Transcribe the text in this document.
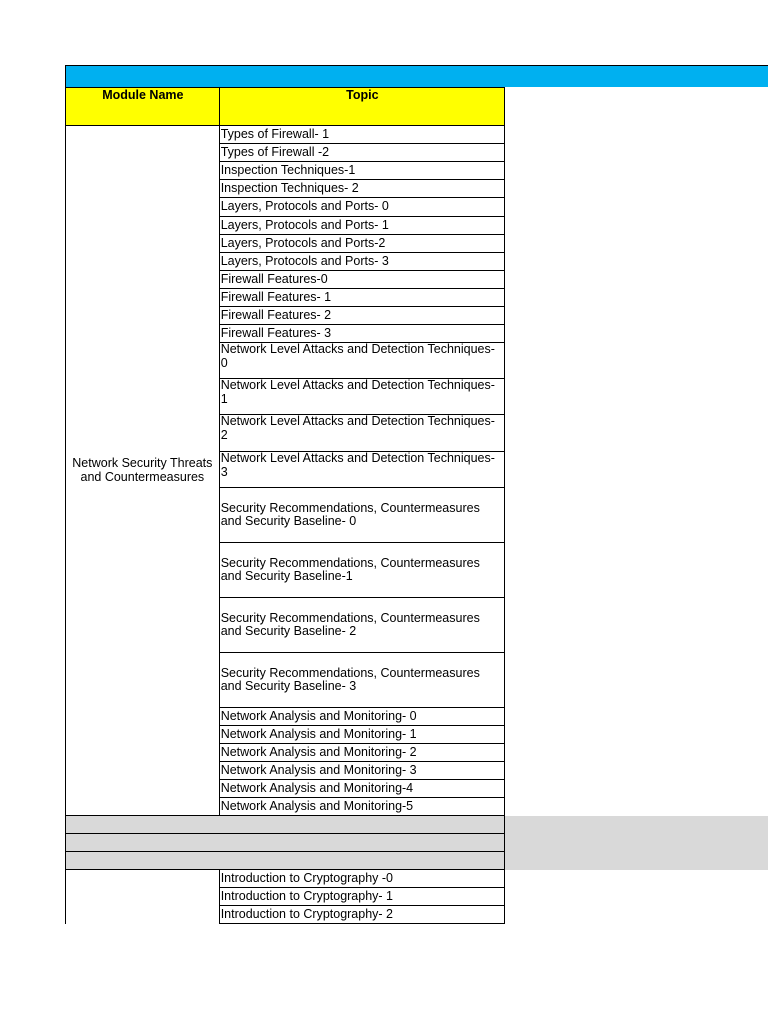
Module Name	Topic
Network Security Threats and Countermeasures	Types of Firewall- 1
	Types of Firewall -2
	Inspection Techniques-1
	Inspection Techniques- 2
	Layers, Protocols and Ports- 0
	Layers, Protocols and Ports- 1
	Layers, Protocols and Ports-2
	Layers, Protocols and Ports- 3
	Firewall Features-0
	Firewall Features- 1
	Firewall Features- 2
	Firewall Features- 3
	Network Level Attacks and Detection Techniques- 0
	Network Level Attacks and Detection Techniques- 1
	Network Level Attacks and Detection Techniques- 2
	Network Level Attacks and Detection Techniques- 3
	Security Recommendations, Countermeasures and Security Baseline- 0
	Security Recommendations, Countermeasures and Security Baseline-1
	Security Recommendations, Countermeasures and Security Baseline- 2
	Security Recommendations, Countermeasures and Security Baseline- 3
	Network Analysis and Monitoring- 0
	Network Analysis and Monitoring- 1
	Network Analysis and Monitoring- 2
	Network Analysis and Monitoring- 3
	Network Analysis and Monitoring-4
	Network Analysis and Monitoring-5

	Introduction to Cryptography -0
	Introduction to Cryptography- 1
	Introduction to Cryptography- 2
